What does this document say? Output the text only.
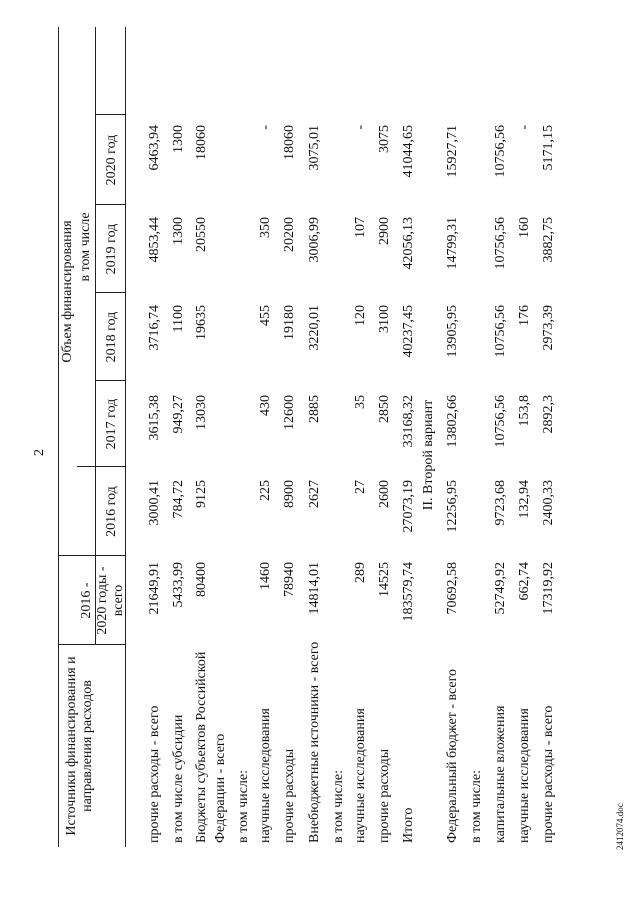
2
Источники финансирования и направления расходов
2016 - 2020 годы - всего
Объем финансирования в том числе
2016 год
2017 год
2018 год
2019 год
2020 год
прочие расходы - всего
21649,91
3000,41
3615,38
3716,74
4853,44
6463,94
в том числе субсидии
5433,99
784,72
949,27
1100
1300
1300
Бюджеты субъектов Российской Федерации - всего
80400
9125
13030
19635
20550
18060
в том числе: научные исследования
1460
225
430
455
350
-
прочие расходы
78940
8900
12600
19180
20200
18060
Внебюджетные источники - всего
14814,01
2627
2885
3220,01
3006,99
3075,01
в том числе: научные исследования
289
27
35
120
107
-
прочие расходы
14525
2600
2850
3100
2900
3075
Итого
183579,74
27073,19
33168,32
40237,45
42056,13
41044,65
II. Второй вариант
Федеральный бюджет - всего
70692,58
12256,95
13802,66
13905,95
14799,31
15927,71
в том числе: капитальные вложения
52749,92
9723,68
10756,56
10756,56
10756,56
10756,56
научные исследования
662,74
132,94
153,8
176
160
-
прочие расходы - всего
17319,92
2400,33
2892,3
2973,39
3882,75
5171,15
2412074.doc
